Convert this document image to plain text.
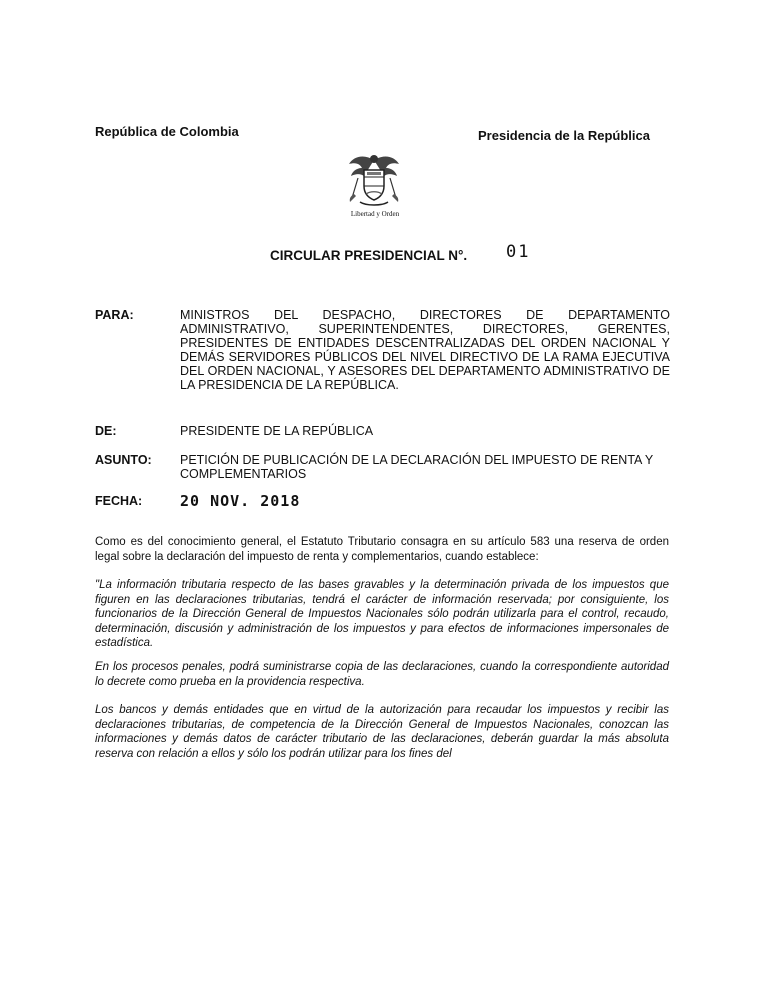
República de Colombia	Presidencia de la República
Libertad y Orden
CIRCULAR PRESIDENCIAL N°. 01
PARA:	MINISTROS DEL DESPACHO, DIRECTORES DE DEPARTAMENTO ADMINISTRATIVO, SUPERINTENDENTES, DIRECTORES, GERENTES, PRESIDENTES DE ENTIDADES DESCENTRALIZADAS DEL ORDEN NACIONAL Y DEMÁS SERVIDORES PÚBLICOS DEL NIVEL DIRECTIVO DE LA RAMA EJECUTIVA DEL ORDEN NACIONAL, Y ASESORES DEL DEPARTAMENTO ADMINISTRATIVO DE LA PRESIDENCIA DE LA REPÚBLICA.
DE:	PRESIDENTE DE LA REPÚBLICA
ASUNTO: PETICIÓN DE PUBLICACIÓN DE LA DECLARACIÓN DEL IMPUESTO DE RENTA Y COMPLEMENTARIOS
FECHA:	20 NOV. 2018
Como es del conocimiento general, el Estatuto Tributario consagra en su artículo 583 una reserva de orden legal sobre la declaración del impuesto de renta y complementarios, cuando establece:
"La información tributaria respecto de las bases gravables y la determinación privada de los impuestos que figuren en las declaraciones tributarias, tendrá el carácter de información reservada; por consiguiente, los funcionarios de la Dirección General de Impuestos Nacionales sólo podrán utilizarla para el control, recaudo, determinación, discusión y administración de los impuestos y para efectos de informaciones impersonales de estadística.
En los procesos penales, podrá suministrarse copia de las declaraciones, cuando la correspondiente autoridad lo decrete como prueba en la providencia respectiva.
Los bancos y demás entidades que en virtud de la autorización para recaudar los impuestos y recibir las declaraciones tributarias, de competencia de la Dirección General de Impuestos Nacionales, conozcan las informaciones y demás datos de carácter tributario de las declaraciones, deberán guardar la más absoluta reserva con relación a ellos y sólo los podrán utilizar para los fines del
